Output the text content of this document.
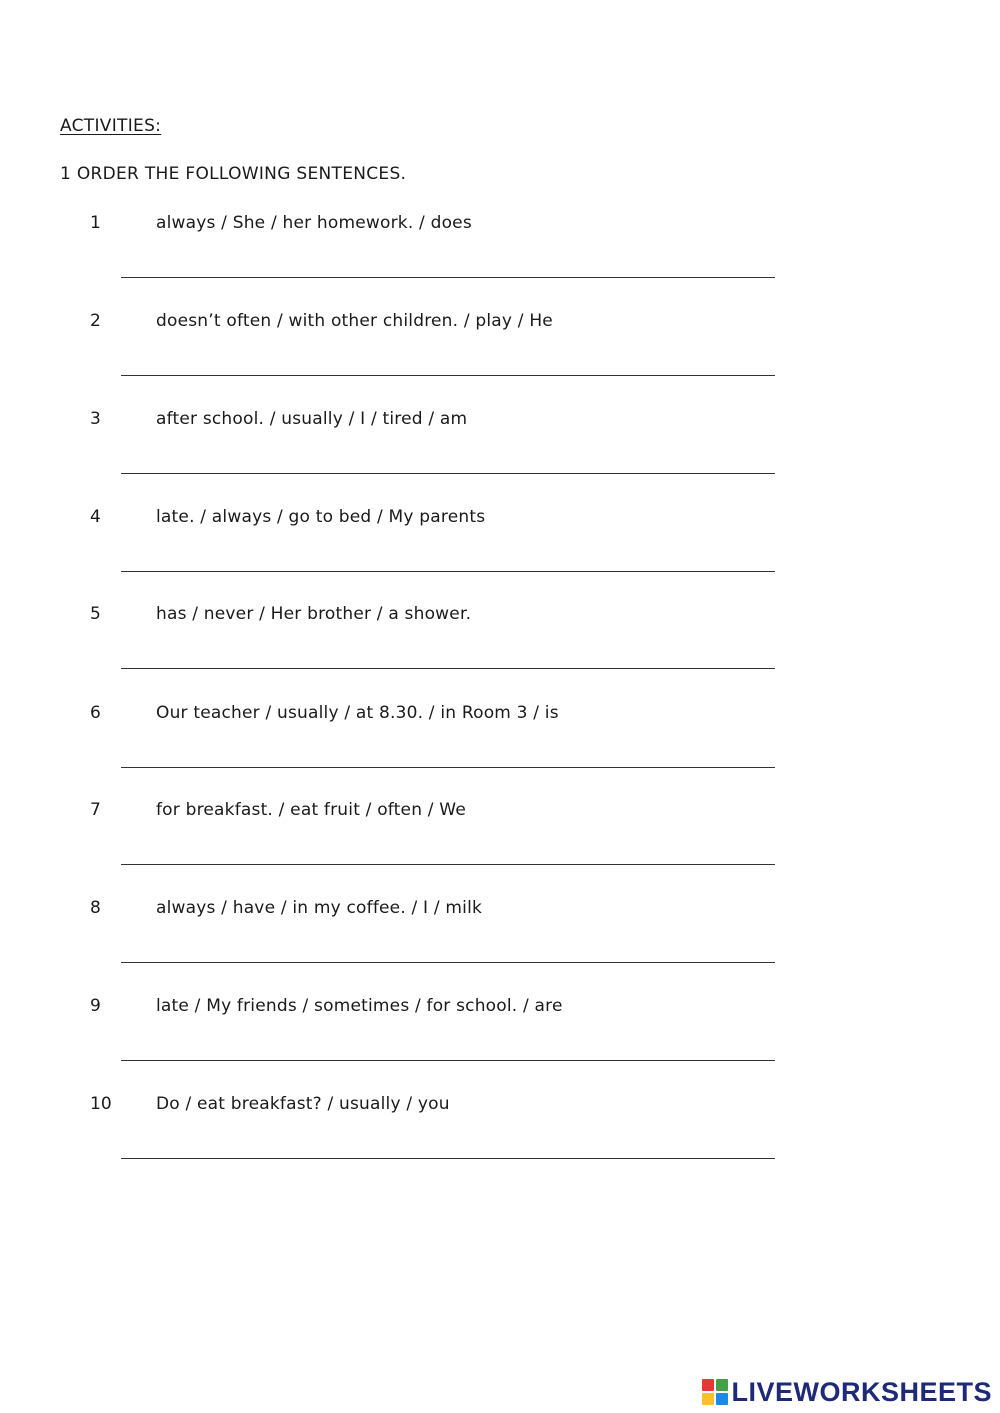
ACTIVITIES:
1 ORDER THE FOLLOWING SENTENCES.
1	always / She / her homework. / does
2	doesn’t often / with other children. / play / He
3	after school. / usually / I / tired / am
4	late. / always / go to bed / My parents
5	has / never / Her brother / a shower.
6	Our teacher / usually / at 8.30. / in Room 3 / is
7	for breakfast. / eat fruit / often / We
8	always / have / in my coffee. / I / milk
9	late / My friends / sometimes / for school. / are
10	Do / eat breakfast? / usually / you
LIVEWORKSHEETS
